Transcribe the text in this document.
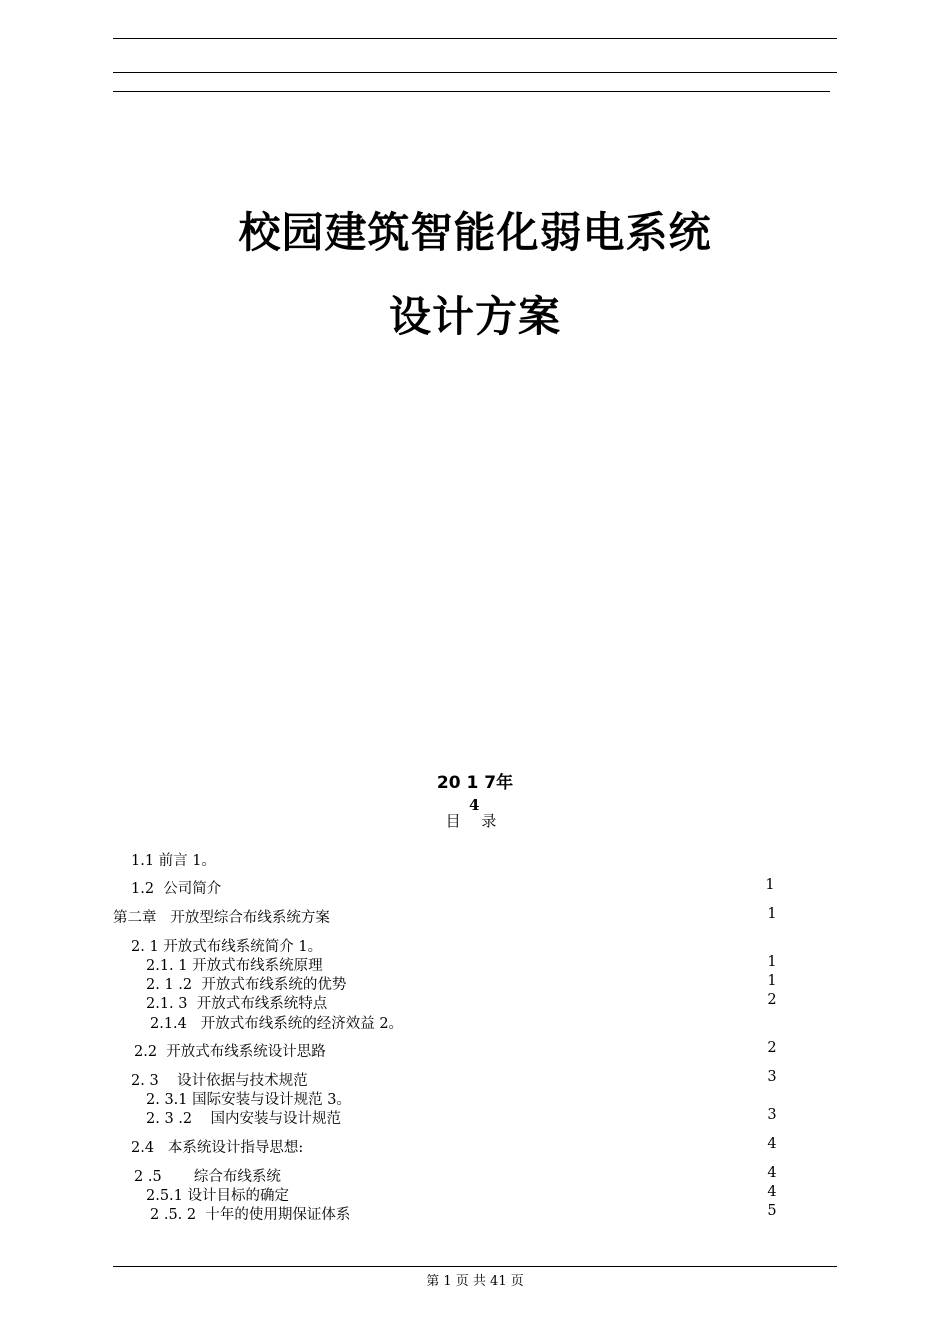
校园建筑智能化弱电系统
设计方案
20 1 7年
4
目 录
1.1 前言 1。
1.2  公司简介	1
第二章   开放型综合布线系统方案	1
2. 1 开放式布线系统简介 1。
2.1. 1 开放式布线系统原理	1
2. 1 .2  开放式布线系统的优势	1
2.1. 3  开放式布线系统特点	2
2.1.4   开放式布线系统的经济效益 2。
2.2  开放式布线系统设计思路	2
2. 3    设计依据与技术规范	3
2. 3.1 国际安装与设计规范 3。
2. 3 .2    国内安装与设计规范	3
2.4   本系统设计指导思想:	4
2 .5       综合布线系统	4
2.5.1 设计目标的确定	4
2 .5. 2  十年的使用期保证体系	5
第 1 页 共 41 页
